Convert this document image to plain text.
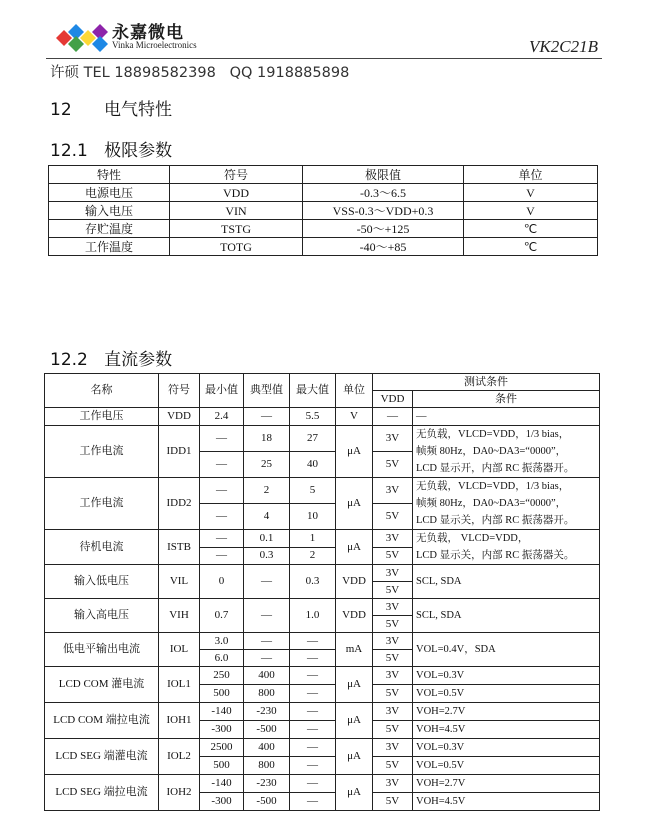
永嘉微电
Vinka Microelectronics	VK2C21B
许硕 TEL 18898582398   QQ 1918885898
12      电气特性
12.1   极限参数
特性	符号	极限值	单位
电源电压	VDD	-0.3～6.5	V
输入电压	VIN	VSS-0.3～VDD+0.3	V
存贮温度	TSTG	-50～+125	℃
工作温度	TOTG	-40～+85	℃
12.2   直流参数
名称	符号	最小值	典型值	最大值	单位	测试条件	
						VDD	条件
工作电压	VDD	2.4	—	5.5	V	—	—
工作电流	IDD1	—	18	27	μA	3V	无负载，VLCD=VDD，1/3 bias，
帧频 80Hz，DA0~DA3=“0000”，
LCD 显示开，内部 RC 振荡器开。

		—	25	40		5V	
工作电流	IDD2	—	2	5	μA	3V	无负载，VLCD=VDD，1/3 bias，
帧频 80Hz，DA0~DA3=“0000”，
LCD 显示关，内部 RC 振荡器开。

		—	4	10		5V	
待机电流	ISTB	—	0.1	1	μA	3V	无负载， VLCD=VDD，
LCD 显示关，内部 RC 振荡器关。

		—	0.3	2		5V	
输入低电压	VIL	0	—	0.3	VDD	3V	SCL, SDA
						5V	
输入高电压	VIH	0.7	—	1.0	VDD	3V	SCL, SDA
						5V	
低电平输出电流	IOL	3.0	—	—	mA	3V	VOL=0.4V，SDA
		6.0	—	—		5V	
LCD COM 灌电流	IOL1	250	400	—	μA	3V	VOL=0.3V
		500	800	—		5V	VOL=0.5V
LCD COM 端拉电流	IOH1	-140	-230	—	μA	3V	VOH=2.7V
		-300	-500	—		5V	VOH=4.5V
LCD SEG 端灌电流	IOL2	2500	400	—	μA	3V	VOL=0.3V
		500	800	—		5V	VOL=0.5V
LCD SEG 端拉电流	IOH2	-140	-230	—	μA	3V	VOH=2.7V
		-300	-500	—		5V	VOH=4.5V
